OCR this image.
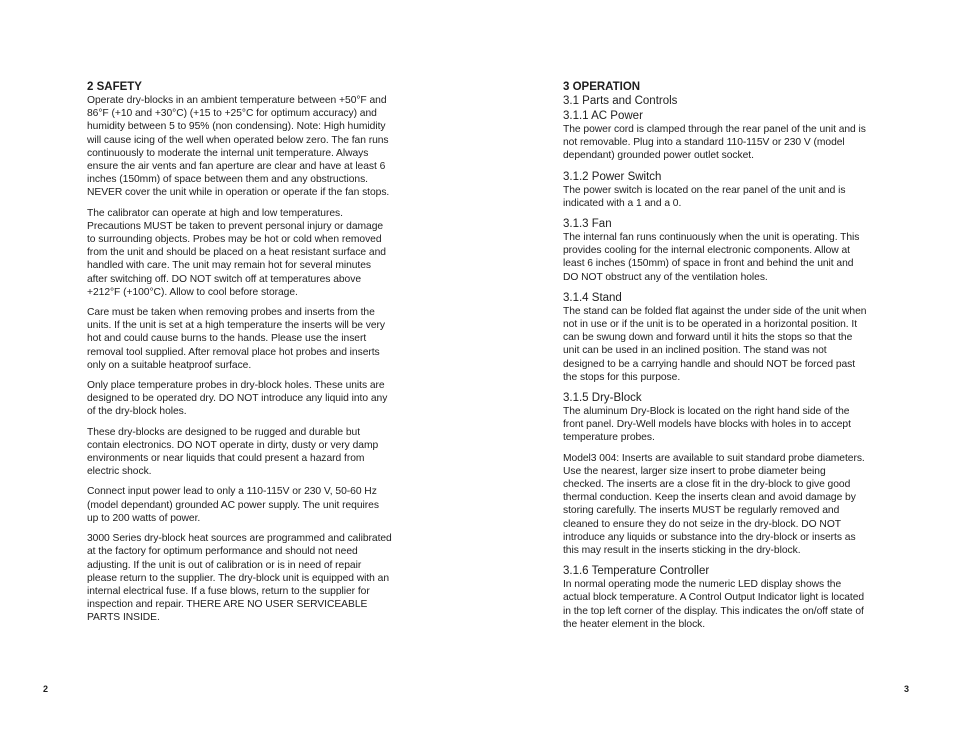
2 SAFETY

Operate dry-blocks in an ambient temperature between +50°F and 86°F (+10 and +30°C) (+15 to +25°C for optimum accuracy) and humidity between 5 to 95% (non condensing). Note: High humidity will cause icing of the well when operated below zero. The fan runs continuously to moderate the internal unit temperature. Always ensure the air vents and fan aperture are clear and have at least 6 inches (150mm) of space between them and any obstructions. NEVER cover the unit while in operation or operate if the fan stops.

The calibrator can operate at high and low temperatures. Precautions MUST be taken to prevent personal injury or damage to surrounding objects. Probes may be hot or cold when removed from the unit and should be placed on a heat resistant surface and handled with care. The unit may remain hot for several minutes after switching off. DO NOT switch off at temperatures above +212°F (+100°C). Allow to cool before storage.

Care must be taken when removing probes and inserts from the units. If the unit is set at a high temperature the inserts will be very hot and could cause burns to the hands. Please use the insert removal tool supplied. After removal place hot probes and inserts only on a suitable heatproof surface.

Only place temperature probes in dry-block holes. These units are designed to be operated dry. DO NOT introduce any liquid into any of the dry-block holes.

These dry-blocks are designed to be rugged and durable but contain electronics. DO NOT operate in dirty, dusty or very damp environments or near liquids that could present a hazard from electric shock.

Connect input power lead to only a 110-115V or 230 V, 50-60 Hz (model dependant) grounded AC power supply. The unit requires up to 200 watts of power.

3000 Series dry-block heat sources are programmed and calibrated at the factory for optimum performance and should not need adjusting. If the unit is out of calibration or is in need of repair please return to the supplier. The dry-block unit is equipped with an internal electrical fuse. If a fuse blows, return to the supplier for inspection and repair. THERE ARE NO USER SERVICEABLE PARTS INSIDE.

2
3 OPERATION
3.1 Parts and Controls
3.1.1 AC Power

The power cord is clamped through the rear panel of the unit and is not removable. Plug into a standard 110-115V or 230 V (model dependant) grounded power outlet socket.

3.1.2 Power Switch

The power switch is located on the rear panel of the unit and is indicated with a 1 and a 0.

3.1.3 Fan

The internal fan runs continuously when the unit is operating. This provides cooling for the internal electronic components. Allow at least 6 inches (150mm) of space in front and behind the unit and DO NOT obstruct any of the ventilation holes.

3.1.4 Stand

The stand can be folded flat against the under side of the unit when not in use or if the unit is to be operated in a horizontal position. It can be swung down and forward until it hits the stops so that the unit can be used in an inclined position. The stand was not designed to be a carrying handle and should NOT be forced past the stops for this purpose.

3.1.5 Dry-Block

The aluminum Dry-Block is located on the right hand side of the front panel. Dry-Well models have blocks with holes in to accept temperature probes.

Model3 004: Inserts are available to suit standard probe diameters. Use the nearest, larger size insert to probe diameter being checked. The inserts are a close fit in the dry-block to give good thermal conduction. Keep the inserts clean and avoid damage by storing carefully. The inserts MUST be regularly removed and cleaned to ensure they do not seize in the dry-block. DO NOT introduce any liquids or substance into the dry-block or inserts as this may result in the inserts sticking in the dry-block.

3.1.6 Temperature Controller

In normal operating mode the numeric LED display shows the actual block temperature. A Control Output Indicator light is located in the top left corner of the display. This indicates the on/off state of the heater element in the block.

3
